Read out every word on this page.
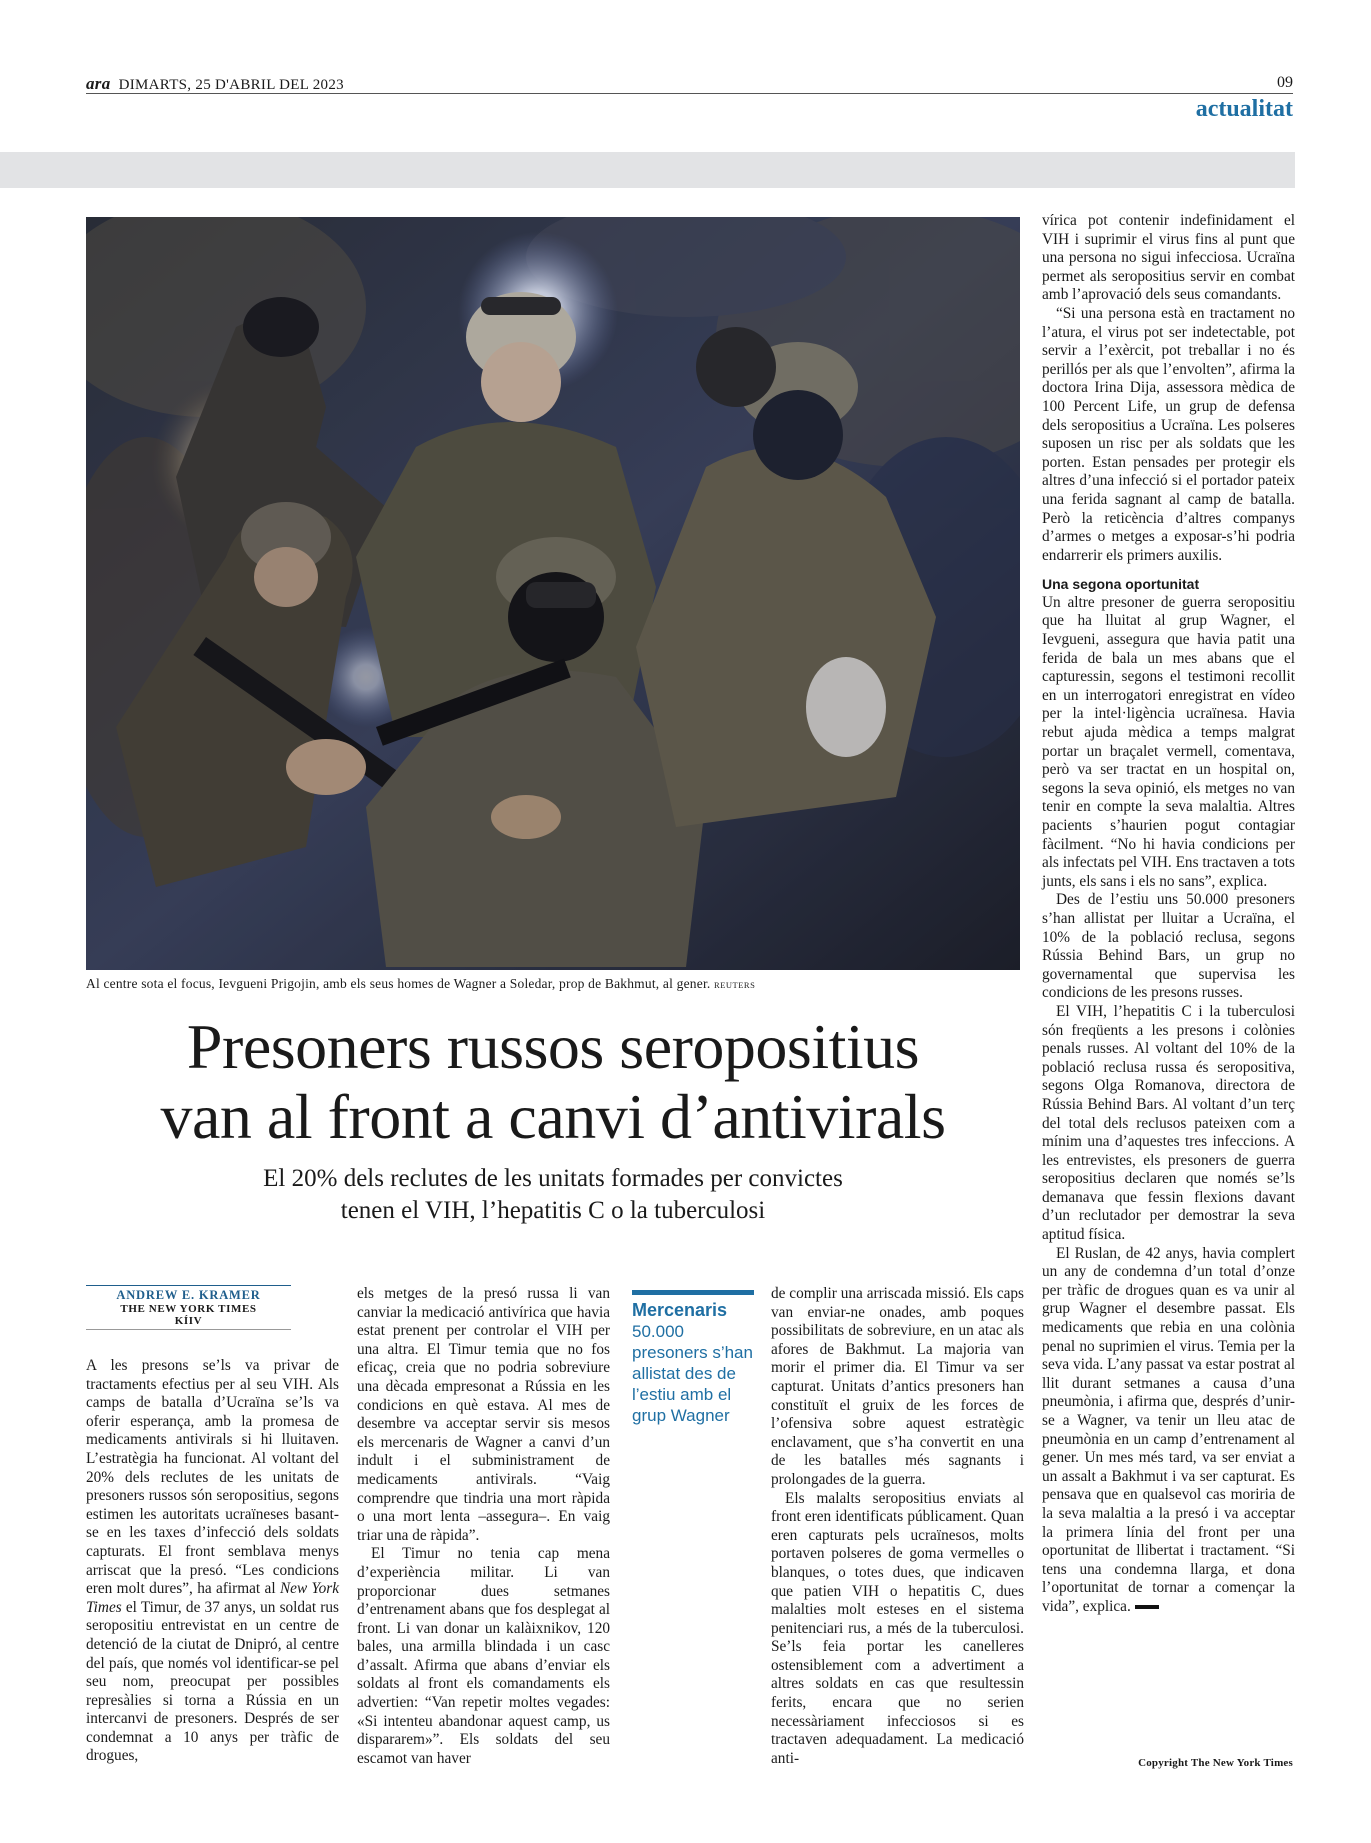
ara DIMARTS, 25 D'ABRIL DEL 2023	09
actualitat
Al centre sota el focus, Ievgueni Prigojin, amb els seus homes de Wagner a Soledar, prop de Bakhmut, al gener. REUTERS
Presoners russos seropositius
van al front a canvi d’antivirals
El 20% dels reclutes de les unitats formades per convictes
tenen el VIH, l’hepatitis C o la tuberculosi
ANDREW E. KRAMER
THE NEW YORK TIMES
KÍIV

A les presons se’ls va privar de tractaments efectius per al seu VIH. Als camps de batalla d’Ucraïna se’ls va oferir esperança, amb la promesa de medicaments antivirals si hi lluitaven. L’estratègia ha funcionat. Al voltant del 20% dels reclutes de les unitats de presoners russos són seropositius, segons estimen les autoritats ucraïneses basant-se en les taxes d’infecció dels soldats capturats. El front semblava menys arriscat que la presó. “Les condicions eren molt dures”, ha afirmat al New York Times el Timur, de 37 anys, un soldat rus seropositiu entrevistat en un centre de detenció de la ciutat de Dnipró, al centre del país, que només vol identificar-se pel seu nom, preocupat per possibles represàlies si torna a Rússia en un intercanvi de presoners. Després de ser condemnat a 10 anys per tràfic de drogues,

els metges de la presó russa li van canviar la medicació antivírica que havia estat prenent per controlar el VIH per una altra. El Timur temia que no fos eficaç, creia que no podria sobreviure una dècada empresonat a Rússia en les condicions en què estava. Al mes de desembre va acceptar servir sis mesos els mercenaris de Wagner a canvi d’un indult i el subministrament de medicaments antivirals. “Vaig comprendre que tindria una mort ràpida o una mort lenta –assegura–. En vaig triar una de ràpida”.

El Timur no tenia cap mena d’experiència militar. Li van proporcionar dues setmanes d’entrenament abans que fos desplegat al front. Li van donar un kalàixnikov, 120 bales, una armilla blindada i un casc d’assalt. Afirma que abans d’enviar els soldats al front els comandaments els advertien: “Van repetir moltes vegades: «Si intenteu abandonar aquest camp, us dispararem»”. Els soldats del seu escamot van haver

Mercenaris
50.000 presoners s’han allistat des de l’estiu amb el grup Wagner

de complir una arriscada missió. Els caps van enviar-ne onades, amb poques possibilitats de sobreviure, en un atac als afores de Bakhmut. La majoria van morir el primer dia. El Timur va ser capturat. Unitats d’antics presoners han constituït el gruix de les forces de l’ofensiva sobre aquest estratègic enclavament, que s’ha convertit en una de les batalles més sagnants i prolongades de la guerra.

Els malalts seropositius enviats al front eren identificats públicament. Quan eren capturats pels ucraïnesos, molts portaven polseres de goma vermelles o blanques, o totes dues, que indicaven que patien VIH o hepatitis C, dues malalties molt esteses en el sistema penitenciari rus, a més de la tuberculosi. Se’ls feia portar les canelleres ostensiblement com a advertiment a altres soldats en cas que resultessin ferits, encara que no serien necessàriament infecciosos si es tractaven adequadament. La medicació anti-

vírica pot contenir indefinidament el VIH i suprimir el virus fins al punt que una persona no sigui infecciosa. Ucraïna permet als seropositius servir en combat amb l’aprovació dels seus comandants.

“Si una persona està en tractament no l’atura, el virus pot ser indetectable, pot servir a l’exèrcit, pot treballar i no és perillós per als que l’envolten”, afirma la doctora Irina Dija, assessora mèdica de 100 Percent Life, un grup de defensa dels seropositius a Ucraïna. Les polseres suposen un risc per als soldats que les porten. Estan pensades per protegir els altres d’una infecció si el portador pateix una ferida sagnant al camp de batalla. Però la reticència d’altres companys d’armes o metges a exposar-s’hi podria endarrerir els primers auxilis.

Una segona oportunitat

Un altre presoner de guerra seropositiu que ha lluitat al grup Wagner, el Ievgueni, assegura que havia patit una ferida de bala un mes abans que el capturessin, segons el testimoni recollit en un interrogatori enregistrat en vídeo per la intel·ligència ucraïnesa. Havia rebut ajuda mèdica a temps malgrat portar un braçalet vermell, comentava, però va ser tractat en un hospital on, segons la seva opinió, els metges no van tenir en compte la seva malaltia. Altres pacients s’haurien pogut contagiar fàcilment. “No hi havia condicions per als infectats pel VIH. Ens tractaven a tots junts, els sans i els no sans”, explica.

Des de l’estiu uns 50.000 presoners s’han allistat per lluitar a Ucraïna, el 10% de la població reclusa, segons Rússia Behind Bars, un grup no governamental que supervisa les condicions de les presons russes.

El VIH, l’hepatitis C i la tuberculosi són freqüents a les presons i colònies penals russes. Al voltant del 10% de la població reclusa russa és seropositiva, segons Olga Romanova, directora de Rússia Behind Bars. Al voltant d’un terç del total dels reclusos pateixen com a mínim una d’aquestes tres infeccions. A les entrevistes, els presoners de guerra seropositius declaren que només se’ls demanava que fessin flexions davant d’un reclutador per demostrar la seva aptitud física.

El Ruslan, de 42 anys, havia complert un any de condemna d’un total d’onze per tràfic de drogues quan es va unir al grup Wagner el desembre passat. Els medicaments que rebia en una colònia penal no suprimien el virus. Temia per la seva vida. L’any passat va estar postrat al llit durant setmanes a causa d’una pneumònia, i afirma que, després d’unir-se a Wagner, va tenir un lleu atac de pneumònia en un camp d’entrenament al gener. Un mes més tard, va ser enviat a un assalt a Bakhmut i va ser capturat. Es pensava que en qualsevol cas moriria de la seva malaltia a la presó i va acceptar la primera línia del front per una oportunitat de llibertat i tractament. “Si tens una condemna llarga, et dona l’oportunitat de tornar a començar la vida”, explica.

Copyright The New York Times
